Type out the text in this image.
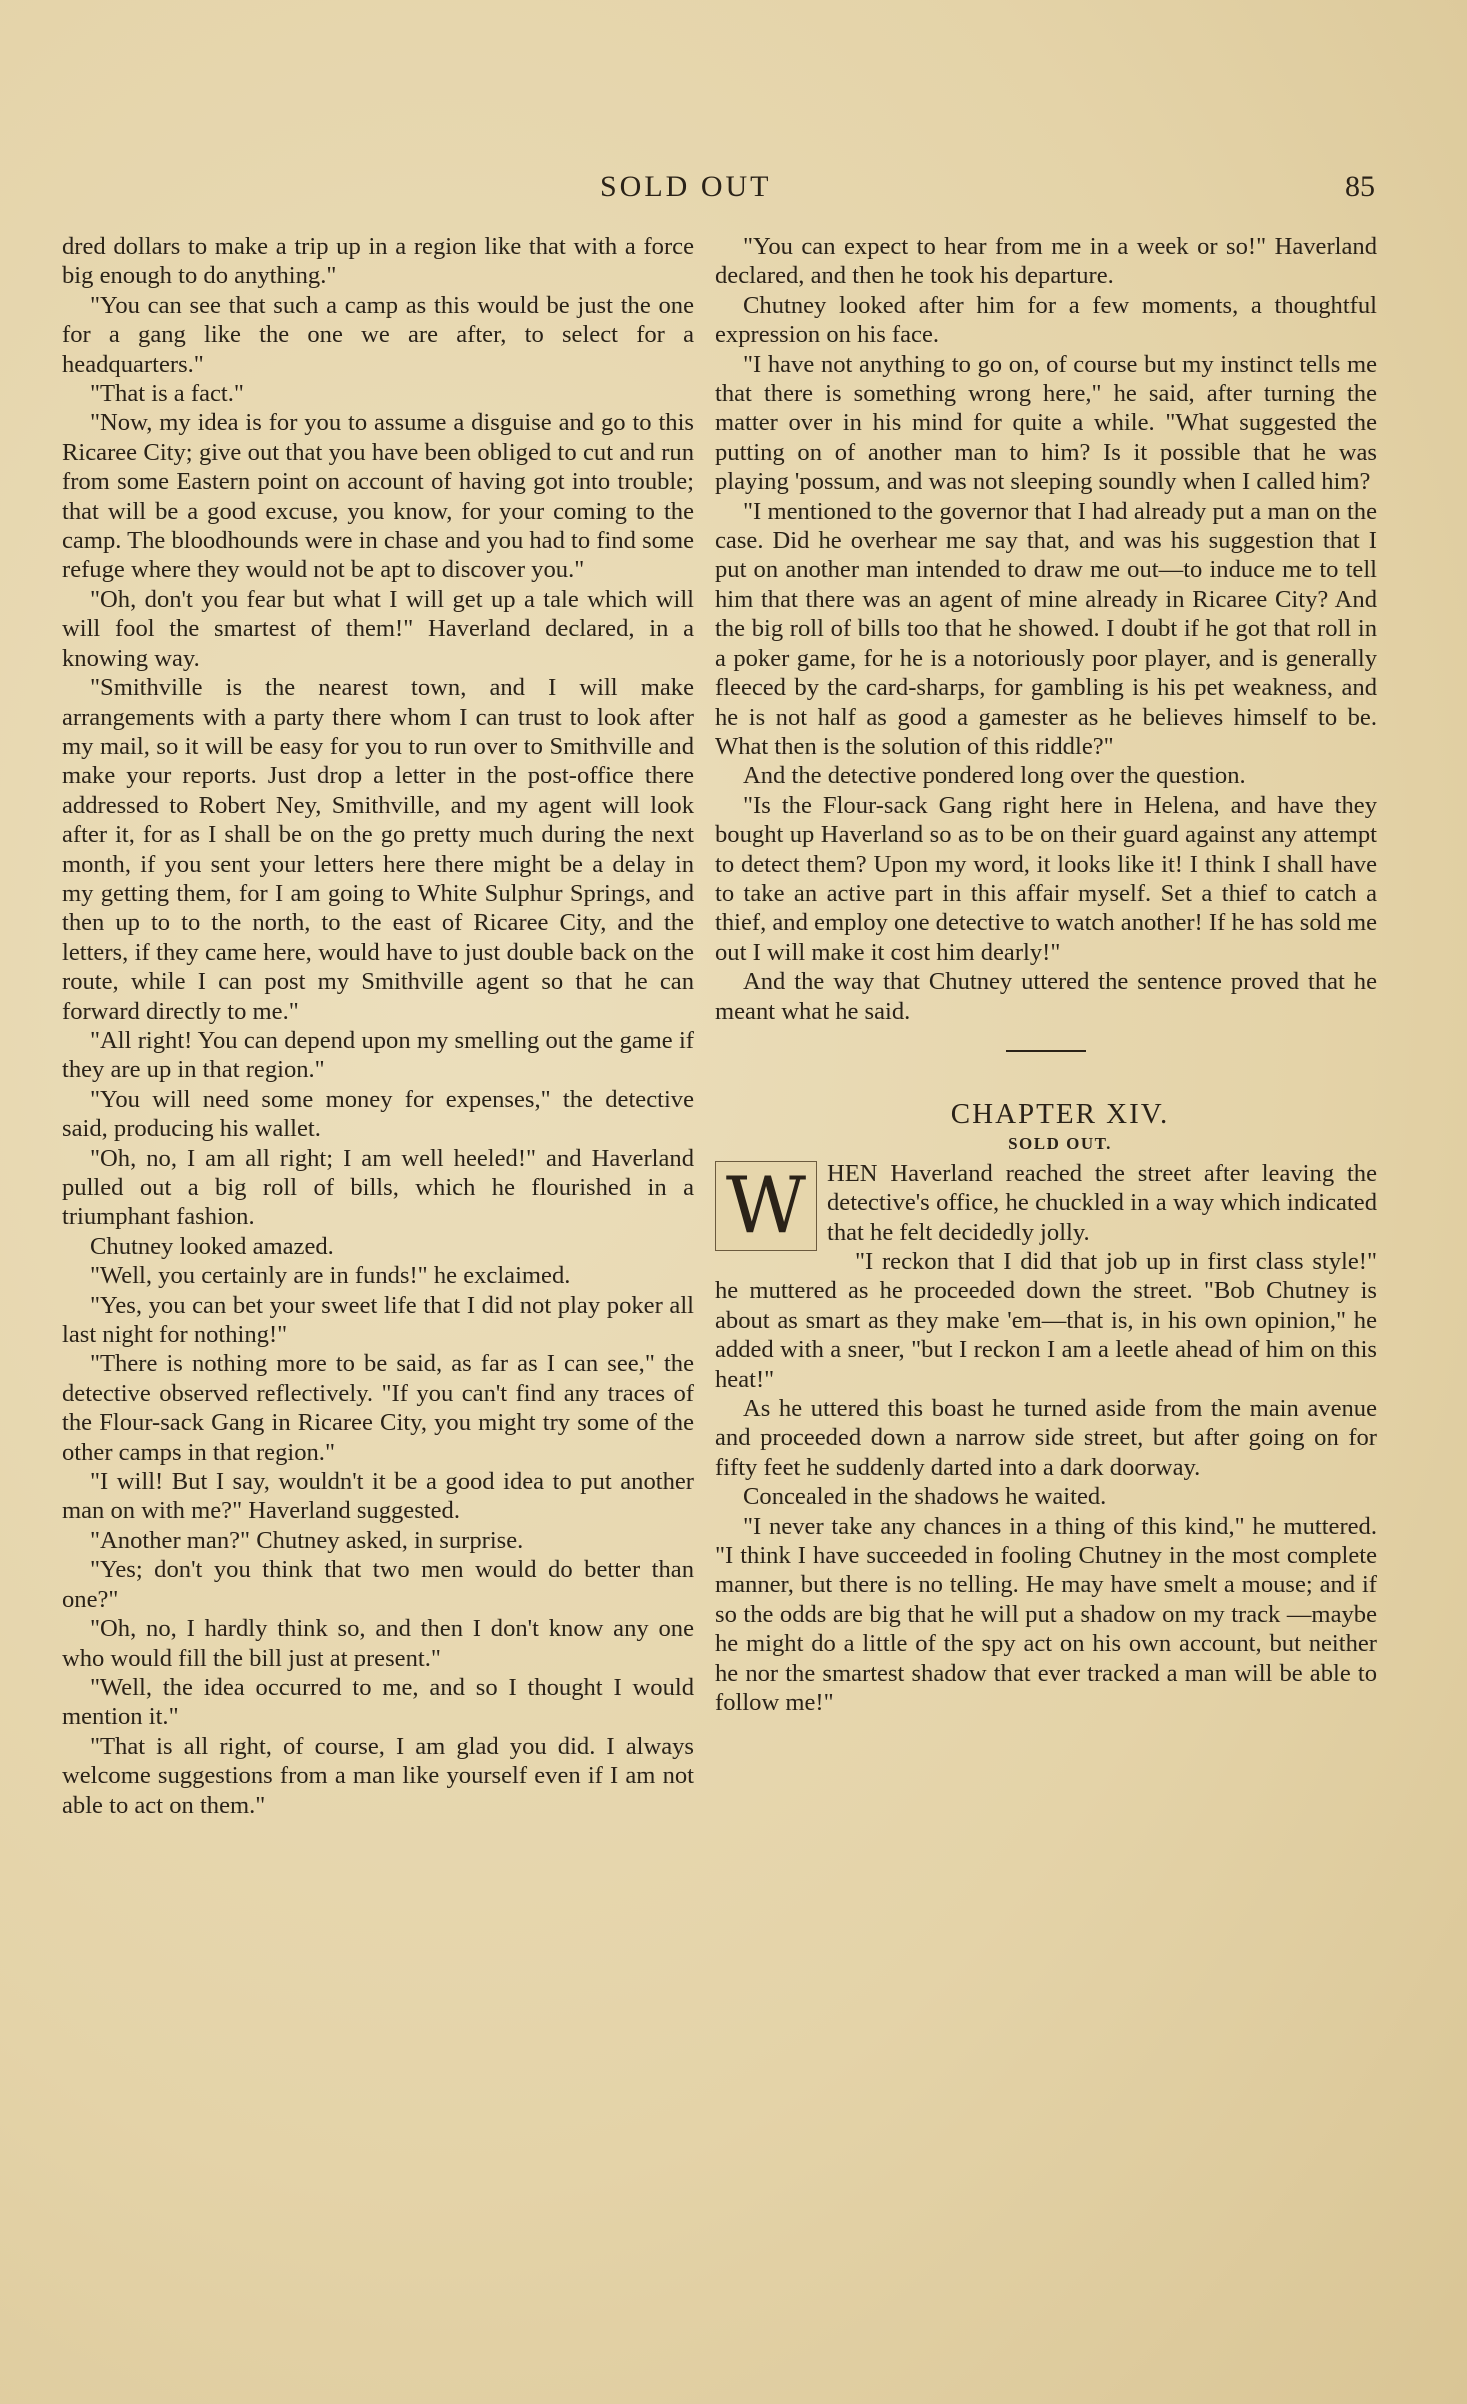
SOLD OUT	85

dred dollars to make a trip up in a region like that with a force big enough to do anything."

"You can see that such a camp as this would be just the one for a gang like the one we are after, to select for a headquarters."

"That is a fact."

"Now, my idea is for you to assume a disguise and go to this Ricaree City; give out that you have been obliged to cut and run from some Eastern point on account of having got into trouble; that will be a good excuse, you know, for your coming to the camp. The bloodhounds were in chase and you had to find some refuge where they would not be apt to discover you."

"Oh, don't you fear but what I will get up a tale which will will fool the smartest of them!" Haverland declared, in a knowing way.

"Smithville is the nearest town, and I will make arrangements with a party there whom I can trust to look after my mail, so it will be easy for you to run over to Smithville and make your reports. Just drop a letter in the post-office there addressed to Robert Ney, Smithville, and my agent will look after it, for as I shall be on the go pretty much during the next month, if you sent your letters here there might be a delay in my getting them, for I am going to White Sulphur Springs, and then up to to the north, to the east of Ricaree City, and the letters, if they came here, would have to just double back on the route, while I can post my Smithville agent so that he can forward directly to me."

"All right! You can depend upon my smelling out the game if they are up in that region."

"You will need some money for expenses," the detective said, producing his wallet.

"Oh, no, I am all right; I am well heeled!" and Haverland pulled out a big roll of bills, which he flourished in a triumphant fashion.

Chutney looked amazed.

"Well, you certainly are in funds!" he exclaimed.

"Yes, you can bet your sweet life that I did not play poker all last night for nothing!"

"There is nothing more to be said, as far as I can see," the detective observed reflectively. "If you can't find any traces of the Flour-sack Gang in Ricaree City, you might try some of the other camps in that region."

"I will! But I say, wouldn't it be a good idea to put another man on with me?" Haverland suggested.

"Another man?" Chutney asked, in surprise.

"Yes; don't you think that two men would do better than one?"

"Oh, no, I hardly think so, and then I don't know any one who would fill the bill just at present."

"Well, the idea occurred to me, and so I thought I would mention it."

"That is all right, of course, I am glad you did. I always welcome suggestions from a man like yourself even if I am not able to act on them."

"You can expect to hear from me in a week or so!" Haverland declared, and then he took his departure.

Chutney looked after him for a few moments, a thoughtful expression on his face.

"I have not anything to go on, of course but my instinct tells me that there is something wrong here," he said, after turning the matter over in his mind for quite a while. "What suggested the putting on of another man to him? Is it possible that he was playing 'possum, and was not sleeping soundly when I called him?

"I mentioned to the governor that I had already put a man on the case. Did he overhear me say that, and was his suggestion that I put on another man intended to draw me out—to induce me to tell him that there was an agent of mine already in Ricaree City? And the big roll of bills too that he showed. I doubt if he got that roll in a poker game, for he is a notoriously poor player, and is generally fleeced by the card-sharps, for gambling is his pet weakness, and he is not half as good a gamester as he believes himself to be. What then is the solution of this riddle?"

And the detective pondered long over the question.

"Is the Flour-sack Gang right here in Helena, and have they bought up Haverland so as to be on their guard against any attempt to detect them? Upon my word, it looks like it! I think I shall have to take an active part in this affair myself. Set a thief to catch a thief, and employ one detective to watch another! If he has sold me out I will make it cost him dearly!"

And the way that Chutney uttered the sentence proved that he meant what he said.

CHAPTER XIV.

SOLD OUT.

W HEN Haverland reached the street after leaving the detective's office, he chuckled in a way which indicated that he felt decidedly jolly.

"I reckon that I did that job up in first class style!" he muttered as he proceeded down the street. "Bob Chutney is about as smart as they make 'em—that is, in his own opinion," he added with a sneer, "but I reckon I am a leetle ahead of him on this heat!"

As he uttered this boast he turned aside from the main avenue and proceeded down a narrow side street, but after going on for fifty feet he suddenly darted into a dark doorway.

Concealed in the shadows he waited.

"I never take any chances in a thing of this kind," he muttered. "I think I have succeeded in fooling Chutney in the most complete manner, but there is no telling. He may have smelt a mouse; and if so the odds are big that he will put a shadow on my track —maybe he might do a little of the spy act on his own account, but neither he nor the smartest shadow that ever tracked a man will be able to follow me!"
